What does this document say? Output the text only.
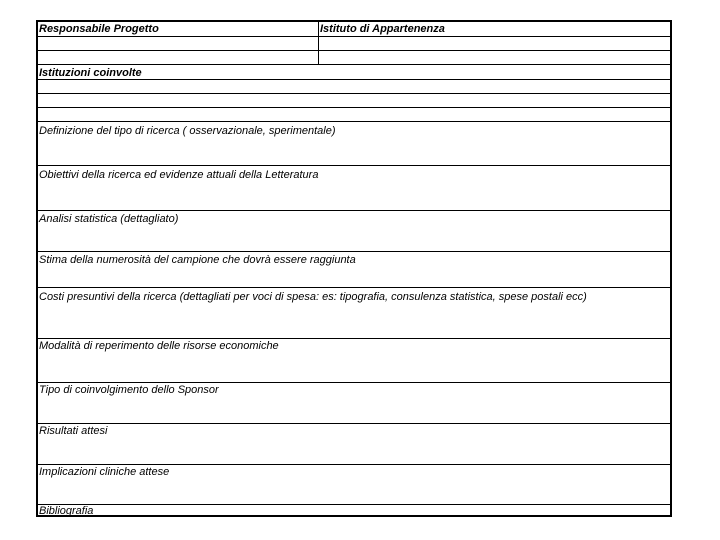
Responsabile Progetto	Istituto di Appartenenza
Istituzioni coinvolte
Definizione del tipo di ricerca ( osservazionale, sperimentale)
Obiettivi della ricerca ed evidenze attuali della Letteratura
Analisi statistica (dettagliato)
Stima della numerosità del campione che dovrà essere raggiunta
Costi presuntivi della ricerca (dettagliati per voci di spesa: es: tipografia, consulenza statistica, spese postali ecc)
Modalità di reperimento delle risorse economiche
Tipo di coinvolgimento dello Sponsor
Risultati attesi
Implicazioni cliniche attese
Bibliografia
